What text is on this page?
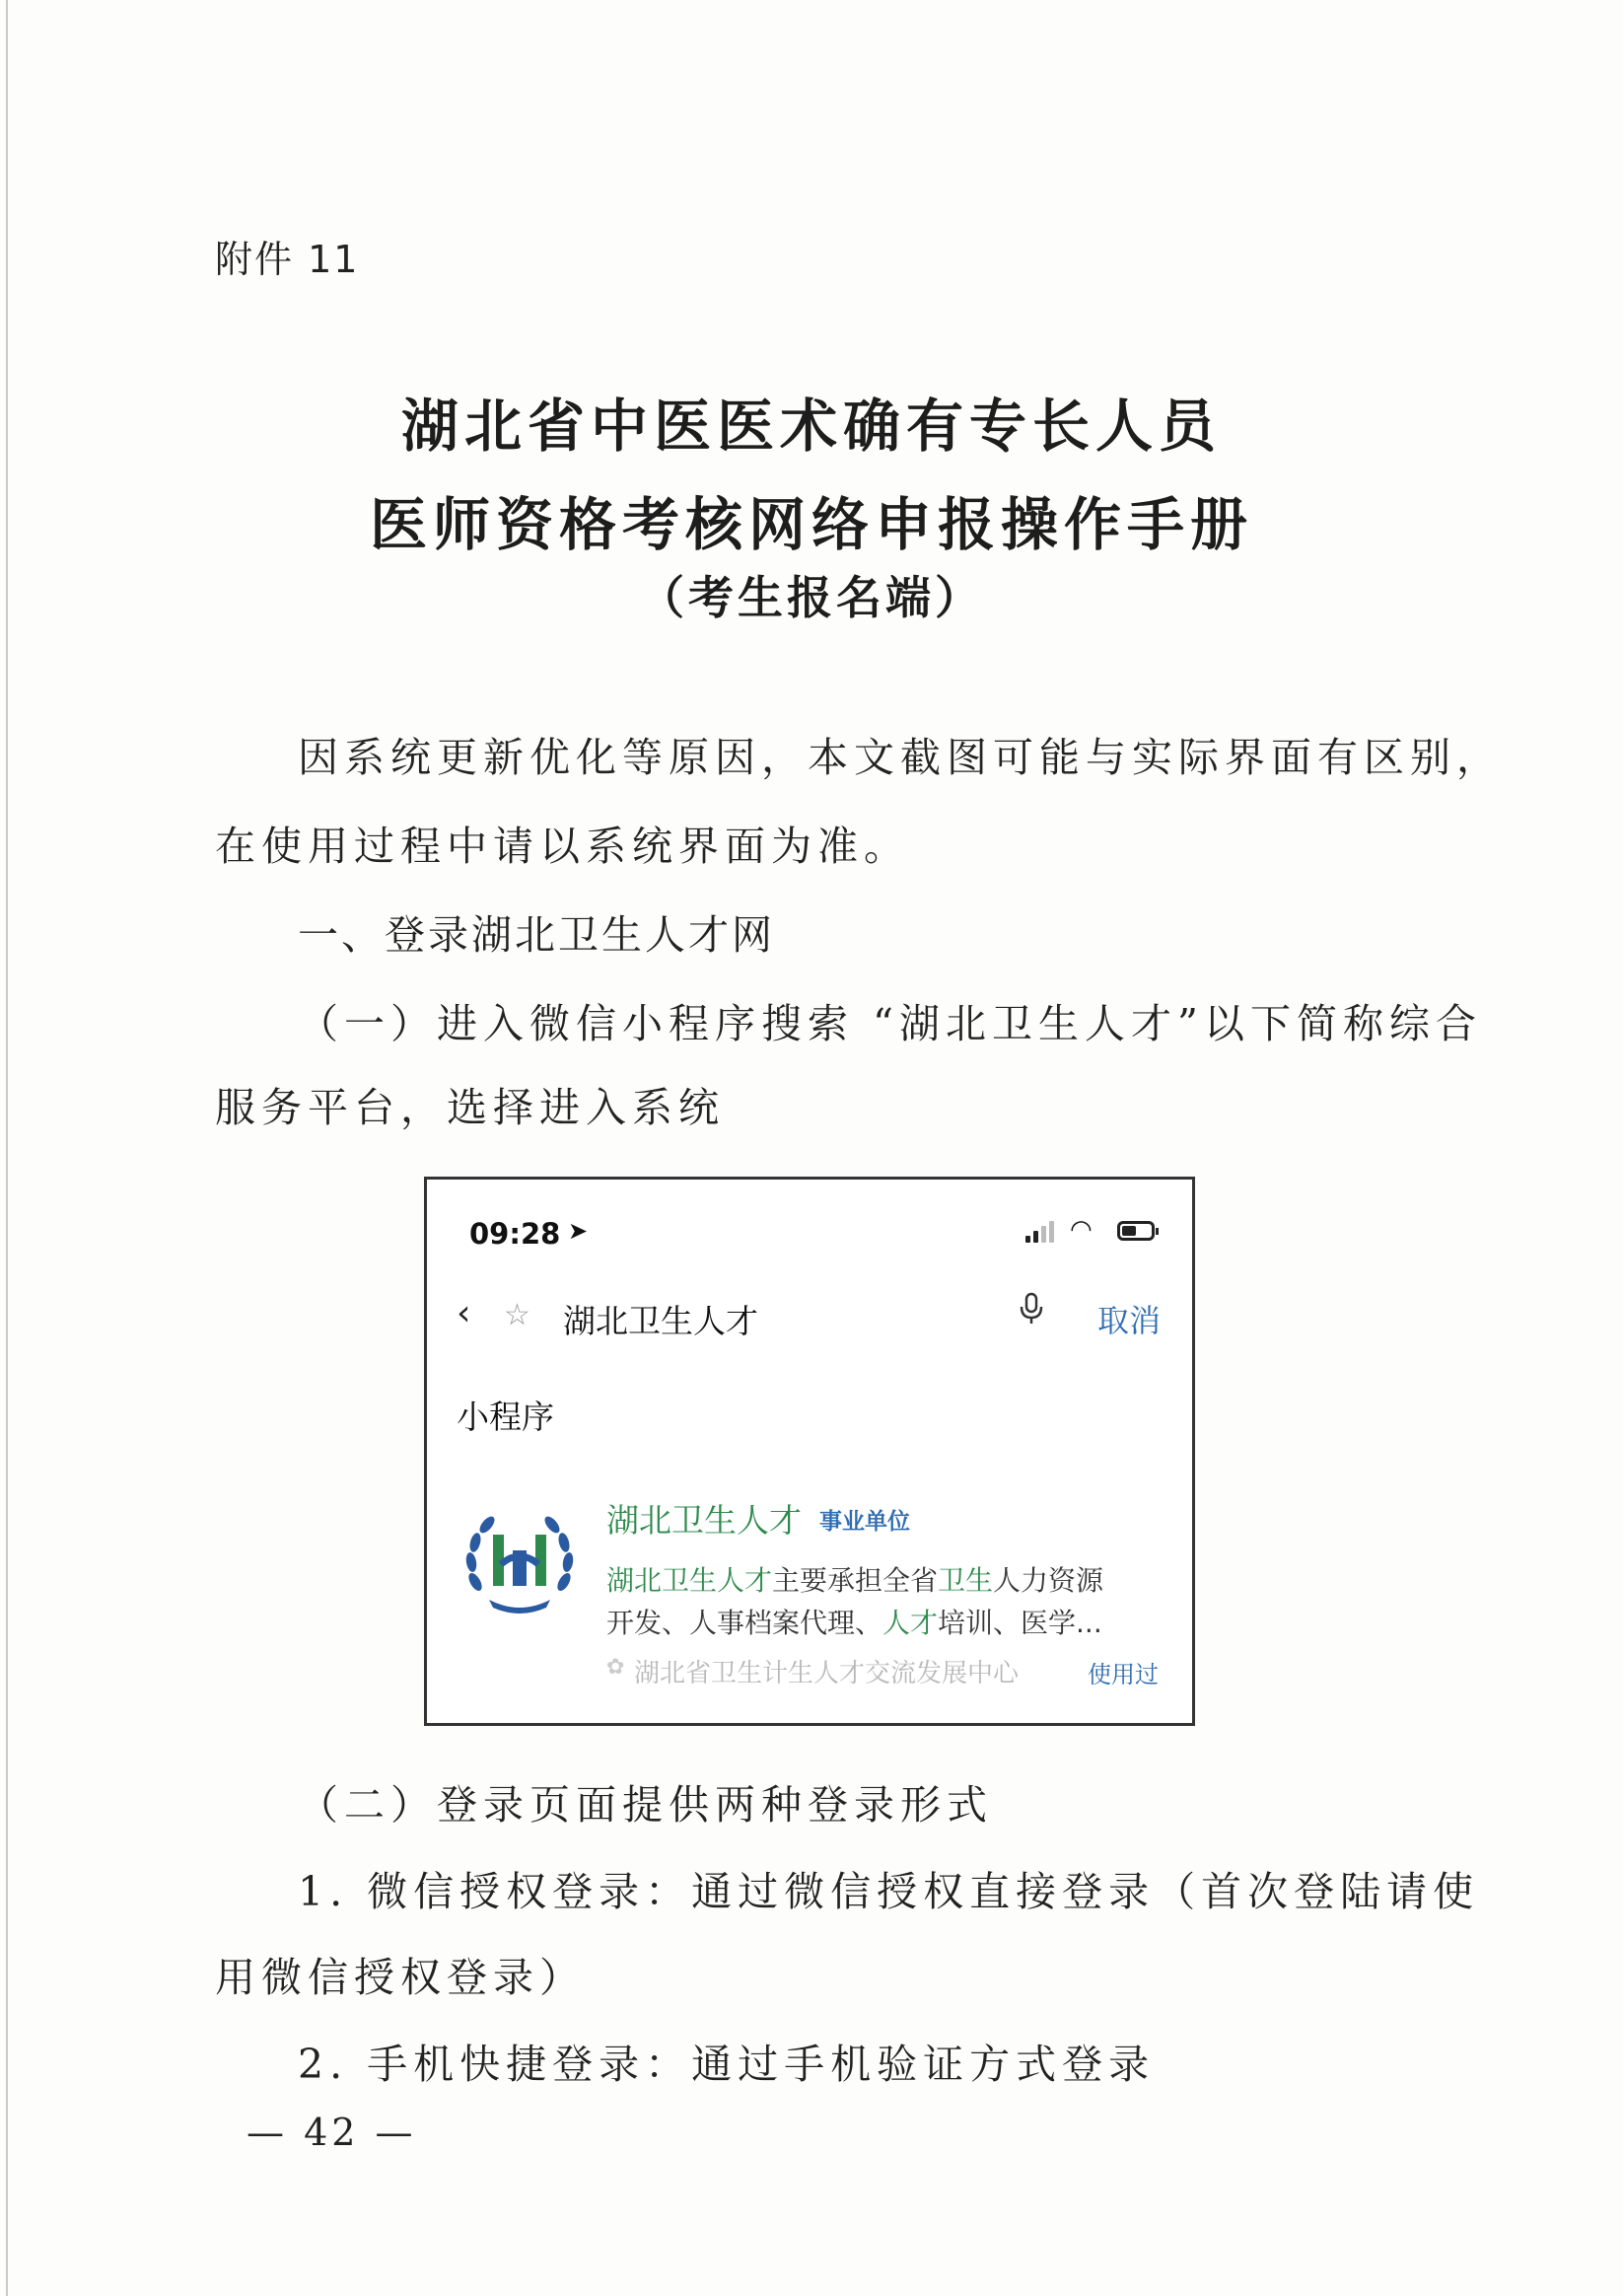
附件 11
湖北省中医医术确有专长人员
医师资格考核网络申报操作手册
（考生报名端）
因系统更新优化等原因，本文截图可能与实际界面有区别，
在使用过程中请以系统界面为准。
一、登录湖北卫生人才网
（一）进入微信小程序搜索 “湖北卫生人才”以下简称综合
服务平台，选择进入系统
09:28 ➤	◠
‹ ☆ 湖北卫生人才	取消
小程序
湖北卫生人才 事业单位
湖北卫生人才主要承担全省卫生人力资源
开发、人事档案代理、人才培训、医学...
✿ 湖北省卫生计生人才交流发展中心	使用过
（二）登录页面提供两种登录形式
1. 微信授权登录：通过微信授权直接登录（首次登陆请使
用微信授权登录）
2. 手机快捷登录：通过手机验证方式登录
— 42 —
